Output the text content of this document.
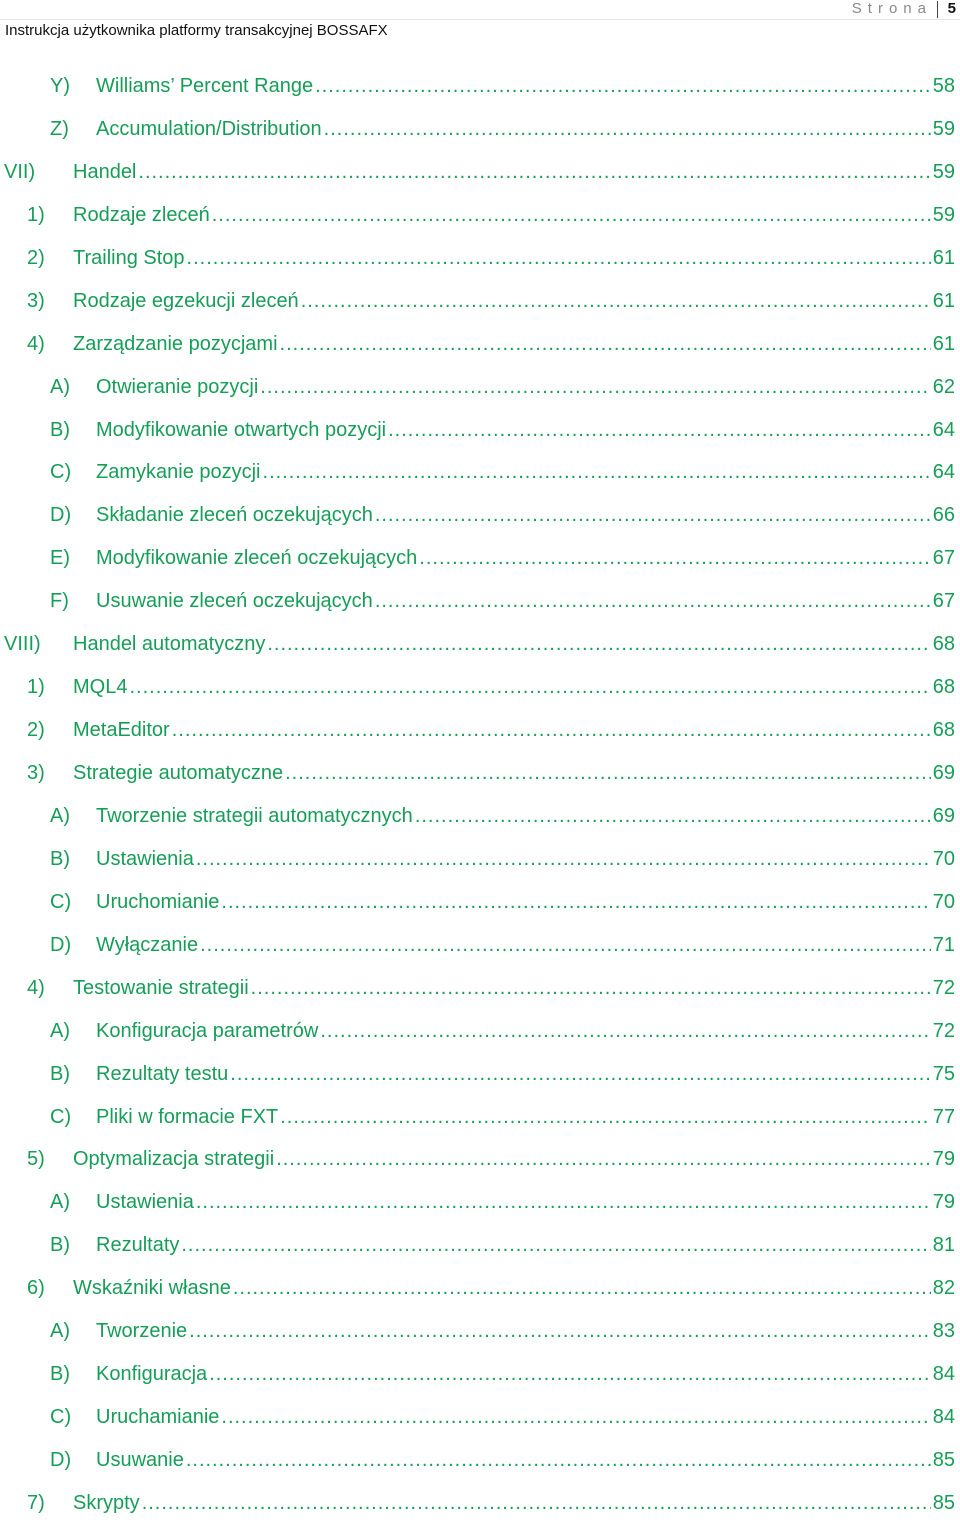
Strona 5
Instrukcja użytkownika platformy transakcyjnej BOSSAFX
Y) Williams’ Percent Range .....	58
Z) Accumulation/Distribution .....	59
VII) Handel .....	59
1) Rodzaje zleceń .....	59
2) Trailing Stop .....	61
3) Rodzaje egzekucji zleceń .....	61
4) Zarządzanie pozycjami .....	61
A) Otwieranie pozycji .....	62
B) Modyfikowanie otwartych pozycji .....	64
C) Zamykanie pozycji .....	64
D) Składanie zleceń oczekujących .....	66
E) Modyfikowanie zleceń oczekujących .....	67
F) Usuwanie zleceń oczekujących .....	67
VIII) Handel automatyczny .....	68
1) MQL4 .....	68
2) MetaEditor .....	68
3) Strategie automatyczne .....	69
A) Tworzenie strategii automatycznych .....	69
B) Ustawienia .....	70
C) Uruchomianie .....	70
D) Wyłączanie .....	71
4) Testowanie strategii .....	72
A) Konfiguracja parametrów .....	72
B) Rezultaty testu .....	75
C) Pliki w formacie FXT .....	77
5) Optymalizacja strategii .....	79
A) Ustawienia .....	79
B) Rezultaty .....	81
6) Wskaźniki własne .....	82
A) Tworzenie .....	83
B) Konfiguracja .....	84
C) Uruchamianie .....	84
D) Usuwanie .....	85
7) Skrypty .....	85
